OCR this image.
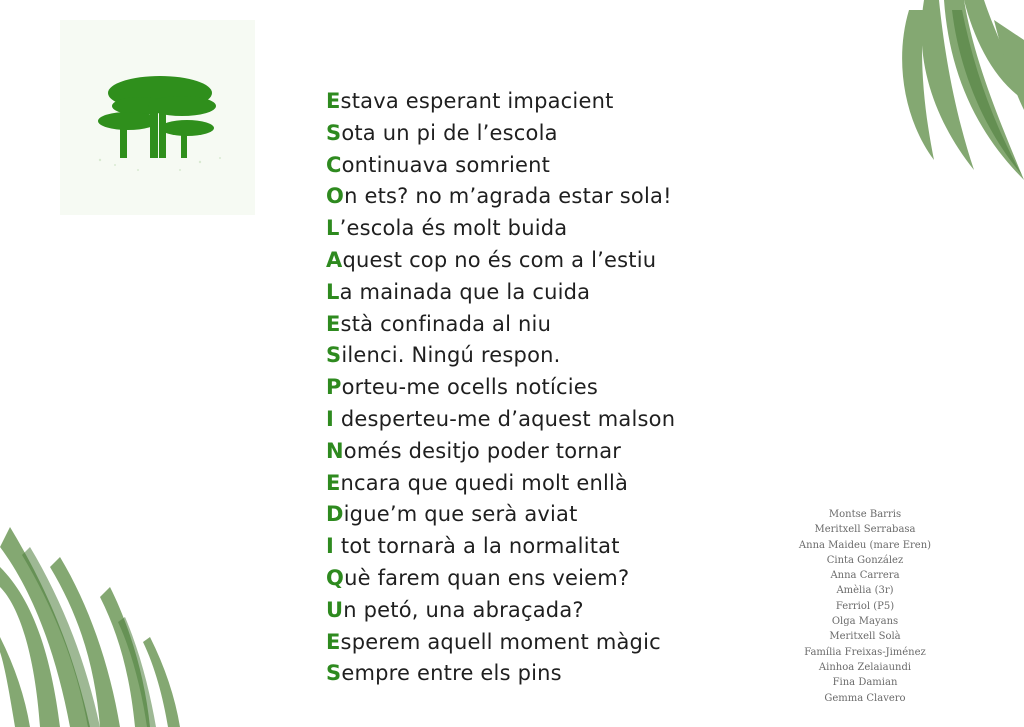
Estava esperant impacient
Sota un pi de l’escola
Continuava somrient
On ets? no m’agrada estar sola!
L’escola és molt buida
Aquest cop no és com a l’estiu
La mainada que la cuida
Està confinada al niu
Silenci. Ningú respon.
Porteu-me ocells notícies
I desperteu-me d’aquest malson
Només desitjo poder tornar
Encara que quedi molt enllà
Digue’m que serà aviat
I tot tornarà a la normalitat
Què farem quan ens veiem?
Un petó, una abraçada?
Esperem aquell moment màgic
Sempre entre els pins
Montse Barris
Meritxell Serrabasa
Anna Maideu (mare Eren)
Cinta González
Anna Carrera
Amèlia (3r)
Ferriol (P5)
Olga Mayans
Meritxell Solà
Família Freixas-Jiménez
Ainhoa Zelaiaundi
Fina Damian
Gemma Clavero
